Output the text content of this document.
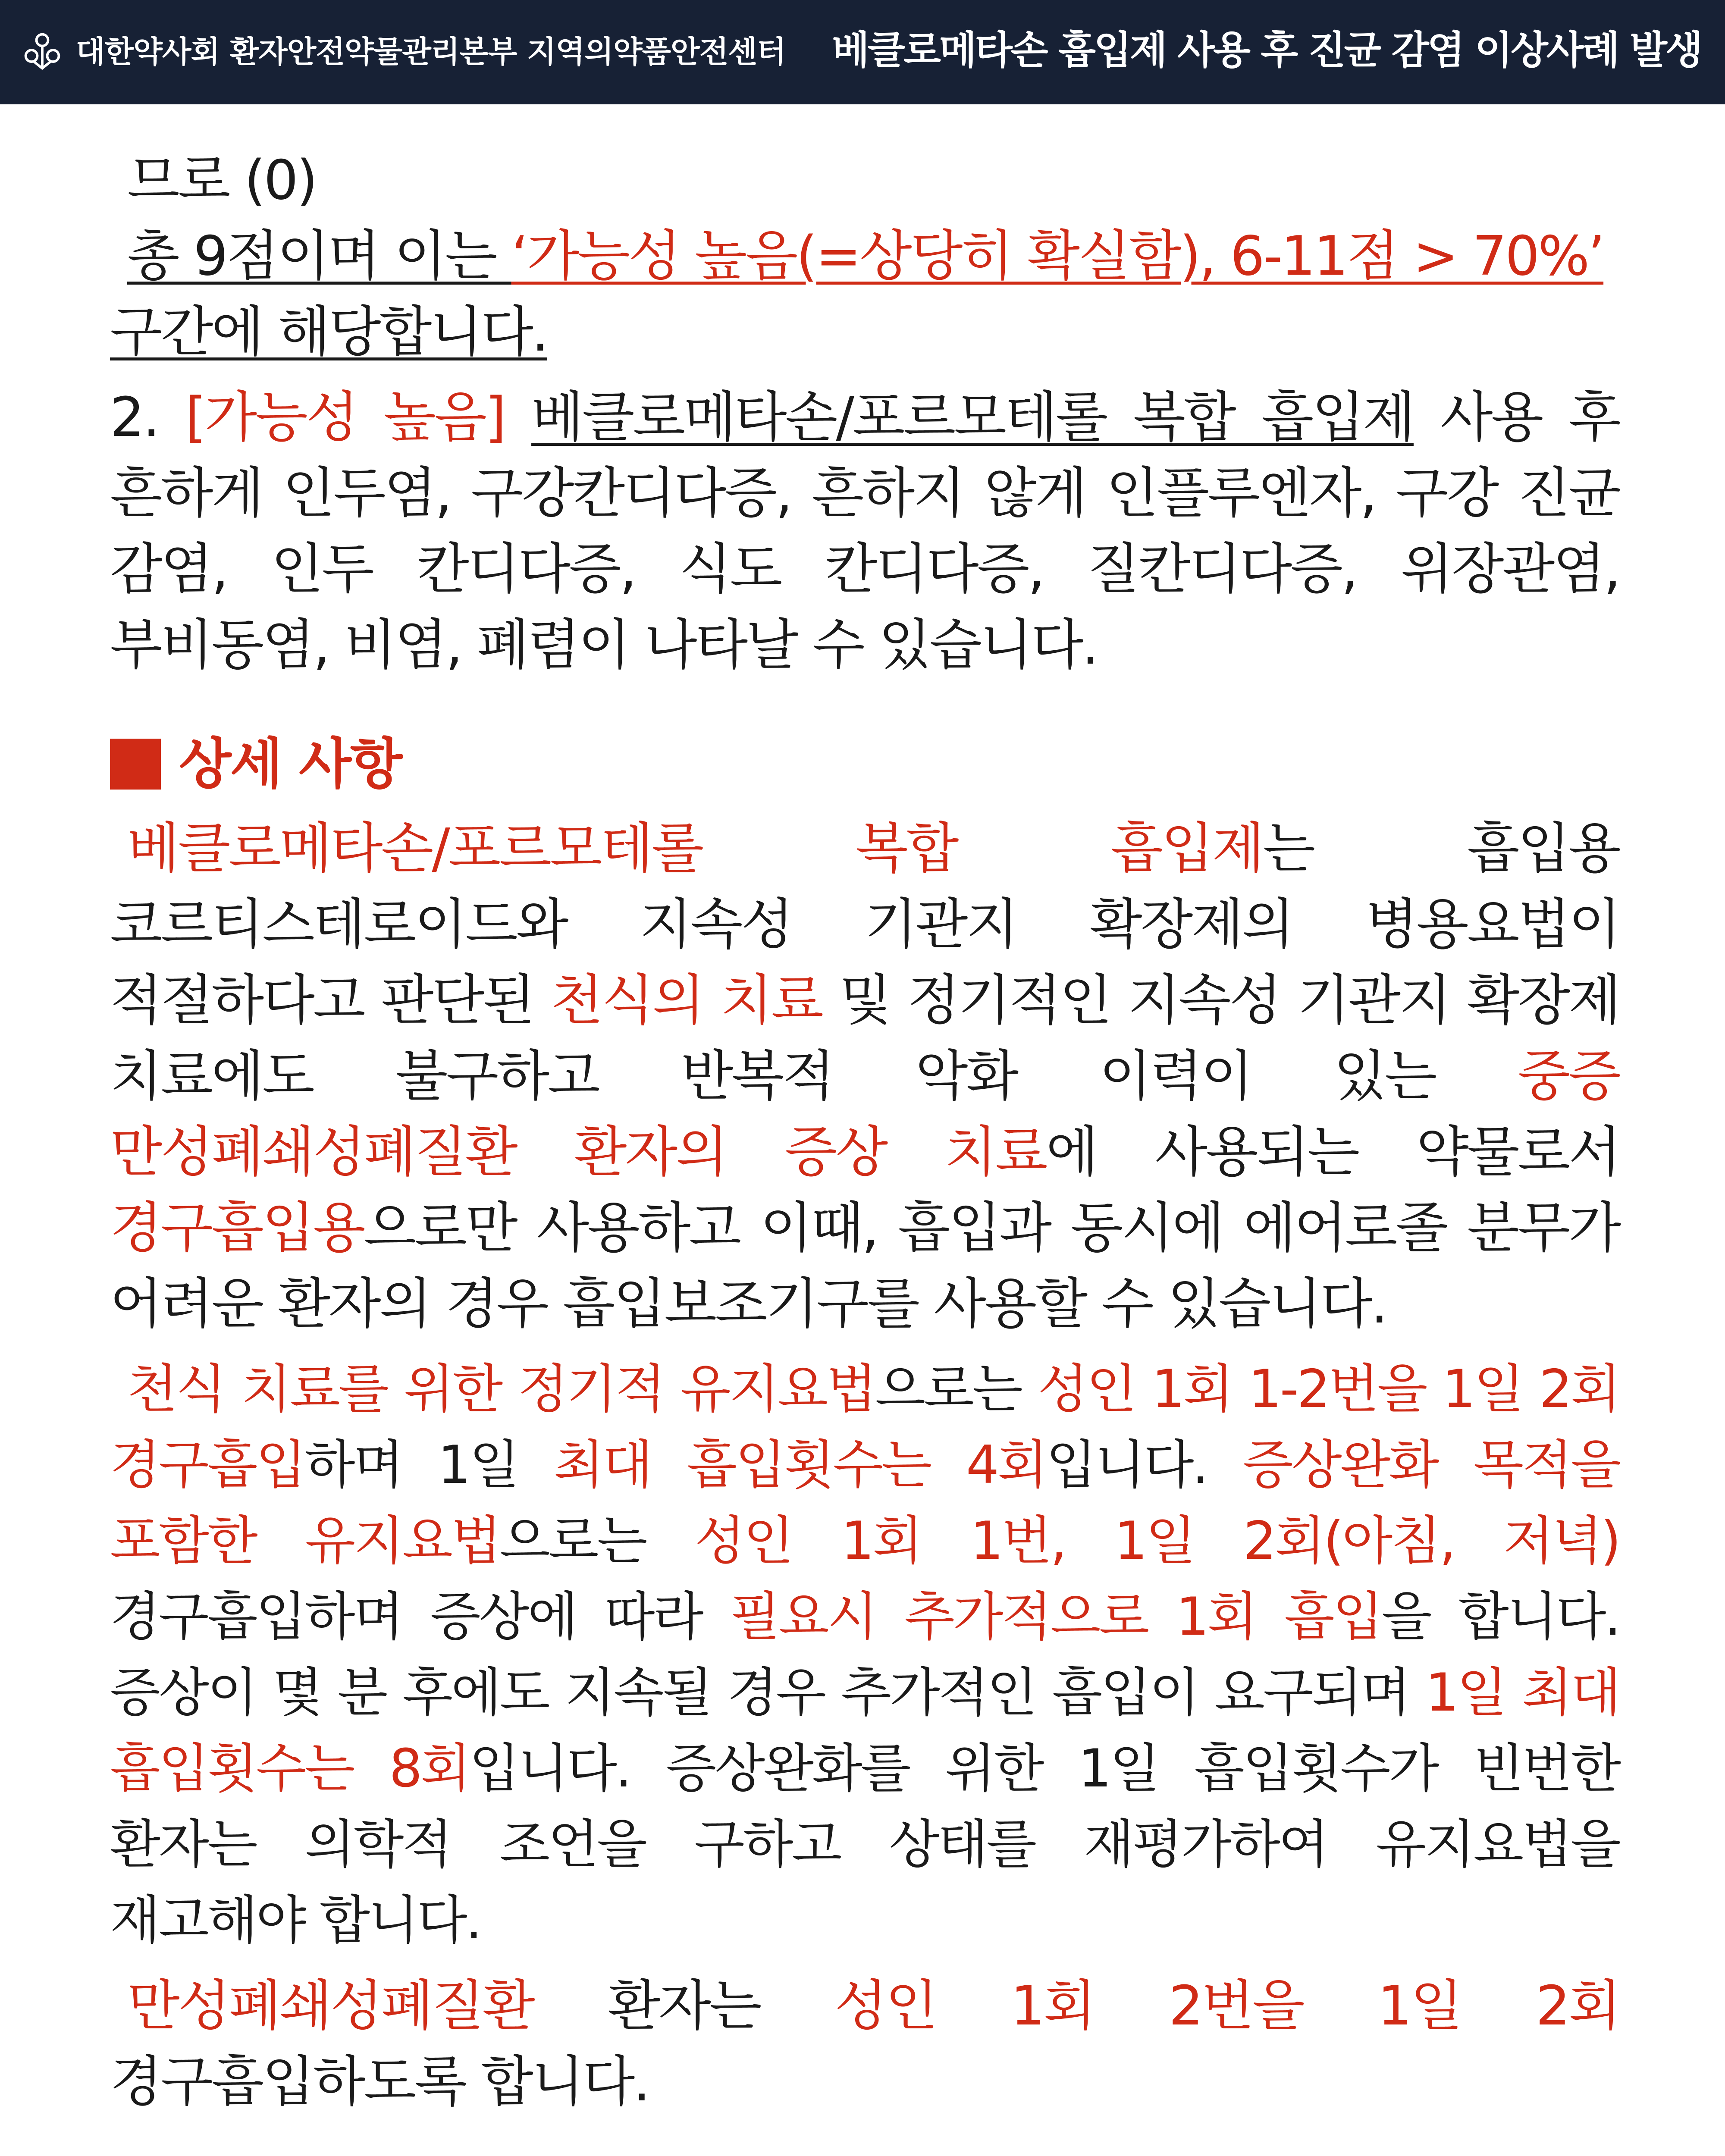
대한약사회 환자안전약물관리본부 지역의약품안전센터 베클로메타손 흡입제 사용 후 진균 감염 이상사례 발생

므로 (0)

총 9점이며 이는 ‘가능성 높음(=상당히 확실함), 6-11점 > 70%’

구간에 해당합니다.

2. [가능성 높음] 베클로메타손/포르모테롤 복합 흡입제 사용 후 흔하게 인두염, 구강칸디다증, 흔하지 않게 인플루엔자, 구강 진균 감염, 인두 칸디다증, 식도 칸디다증, 질칸디다증, 위장관염, 부비동염, 비염, 폐렴이 나타날 수 있습니다.

상세 사항

베클로메타손/포르모테롤 복합 흡입제는 흡입용 코르티스테로이드와 지속성 기관지 확장제의 병용요법이 적절하다고 판단된 천식의 치료 및 정기적인 지속성 기관지 확장제 치료에도 불구하고 반복적 악화 이력이 있는 중증 만성폐쇄성폐질환 환자의 증상 치료에 사용되는 약물로서 경구흡입용으로만 사용하고 이때, 흡입과 동시에 에어로졸 분무가 어려운 환자의 경우 흡입보조기구를 사용할 수 있습니다.

천식 치료를 위한 정기적 유지요법으로는 성인 1회 1-2번을 1일 2회 경구흡입하며 1일 최대 흡입횟수는 4회입니다. 증상완화 목적을 포함한 유지요법으로는 성인 1회 1번, 1일 2회(아침, 저녁) 경구흡입하며 증상에 따라 필요시 추가적으로 1회 흡입을 합니다. 증상이 몇 분 후에도 지속될 경우 추가적인 흡입이 요구되며 1일 최대 흡입횟수는 8회입니다. 증상완화를 위한 1일 흡입횟수가 빈번한 환자는 의학적 조언을 구하고 상태를 재평가하여 유지요법을 재고해야 합니다.

만성폐쇄성폐질환 환자는 성인 1회 2번을 1일 2회 경구흡입하도록 합니다.
